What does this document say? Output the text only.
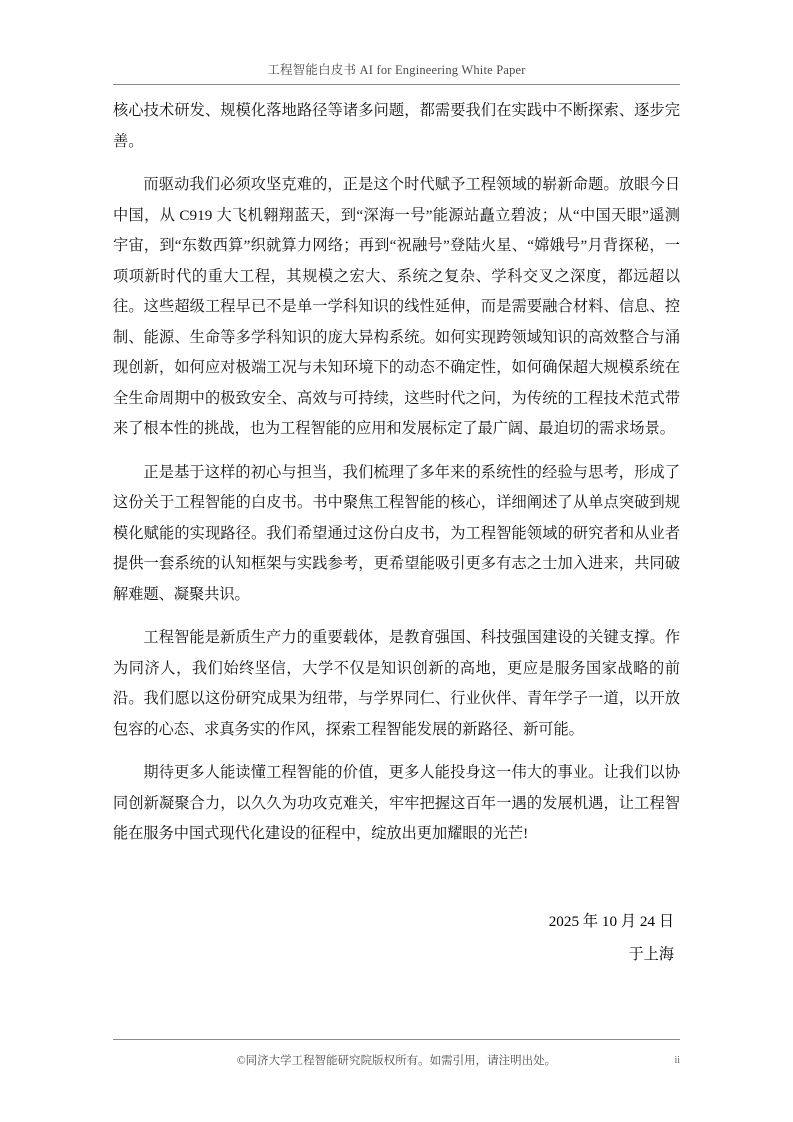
工程智能白皮书 AI for Engineering White Paper

核心技术研发、规模化落地路径等诸多问题，都需要我们在实践中不断探索、逐步完善。

而驱动我们必须攻坚克难的，正是这个时代赋予工程领域的崭新命题。放眼今日中国，从 C919 大飞机翱翔蓝天，到“深海一号”能源站矗立碧波；从“中国天眼”遥测宇宙，到“东数西算”织就算力网络；再到“祝融号”登陆火星、“嫦娥号”月背探秘，一项项新时代的重大工程，其规模之宏大、系统之复杂、学科交叉之深度，都远超以往。这些超级工程早已不是单一学科知识的线性延伸，而是需要融合材料、信息、控制、能源、生命等多学科知识的庞大异构系统。如何实现跨领域知识的高效整合与涌现创新，如何应对极端工况与未知环境下的动态不确定性，如何确保超大规模系统在全生命周期中的极致安全、高效与可持续，这些时代之问，为传统的工程技术范式带来了根本性的挑战，也为工程智能的应用和发展标定了最广阔、最迫切的需求场景。

正是基于这样的初心与担当，我们梳理了多年来的系统性的经验与思考，形成了这份关于工程智能的白皮书。书中聚焦工程智能的核心，详细阐述了从单点突破到规模化赋能的实现路径。我们希望通过这份白皮书，为工程智能领域的研究者和从业者提供一套系统的认知框架与实践参考，更希望能吸引更多有志之士加入进来，共同破解难题、凝聚共识。

工程智能是新质生产力的重要载体，是教育强国、科技强国建设的关键支撑。作为同济人，我们始终坚信，大学不仅是知识创新的高地，更应是服务国家战略的前沿。我们愿以这份研究成果为纽带，与学界同仁、行业伙伴、青年学子一道，以开放包容的心态、求真务实的作风，探索工程智能发展的新路径、新可能。

期待更多人能读懂工程智能的价值，更多人能投身这一伟大的事业。让我们以协同创新凝聚合力，以久久为功攻克难关，牢牢把握这百年一遇的发展机遇，让工程智能在服务中国式现代化建设的征程中，绽放出更加耀眼的光芒!

2025 年 10 月 24 日
于上海
©同济大学工程智能研究院版权所有。如需引用，请注明出处。	ii
